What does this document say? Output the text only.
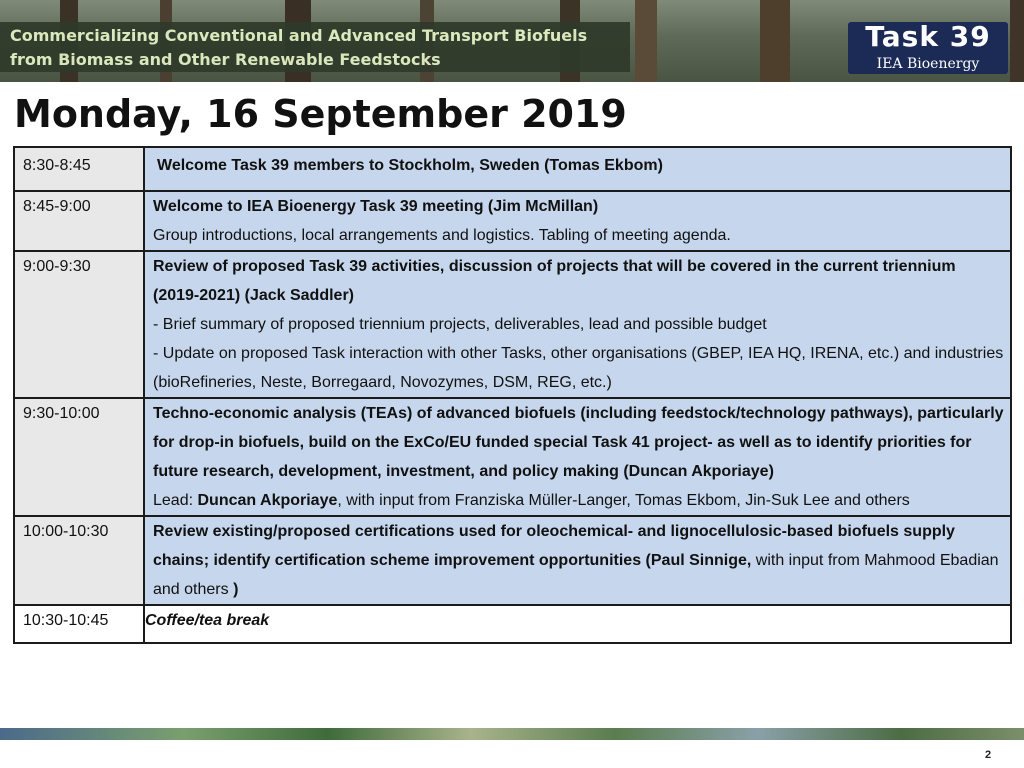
Commercializing Conventional and Advanced Transport Biofuels
from Biomass and Other Renewable Feedstocks
Task 39
IEA Bioenergy
Monday, 16 September 2019
8:30-8:45	Welcome Task 39 members to Stockholm, Sweden (Tomas Ekbom)
8:45-9:00	Welcome to IEA Bioenergy Task 39 meeting (Jim McMillan)
Group introductions, local arrangements and logistics. Tabling of meeting agenda.

9:00-9:30	Review of proposed Task 39 activities, discussion of projects that will be covered in the current triennium (2019-2021) (Jack Saddler)
- Brief summary of proposed triennium projects, deliverables, lead and possible budget
- Update on proposed Task interaction with other Tasks, other organisations (GBEP, IEA HQ, IRENA, etc.) and industries (bioRefineries, Neste, Borregaard, Novozymes, DSM, REG, etc.)

9:30-10:00	Techno-economic analysis (TEAs) of advanced biofuels (including feedstock/technology pathways), particularly for drop-in biofuels, build on the ExCo/EU funded special Task 41 project- as well as to identify priorities for future research, development, investment, and policy making (Duncan Akporiaye)
Lead: Duncan Akporiaye, with input from Franziska Müller-Langer, Tomas Ekbom, Jin-Suk Lee and others

10:00-10:30	Review existing/proposed certifications used for oleochemical- and lignocellulosic-based biofuels supply chains; identify certification scheme improvement opportunities (Paul Sinnige, with input from Mahmood Ebadian and others )
10:30-10:45	Coffee/tea break
2
